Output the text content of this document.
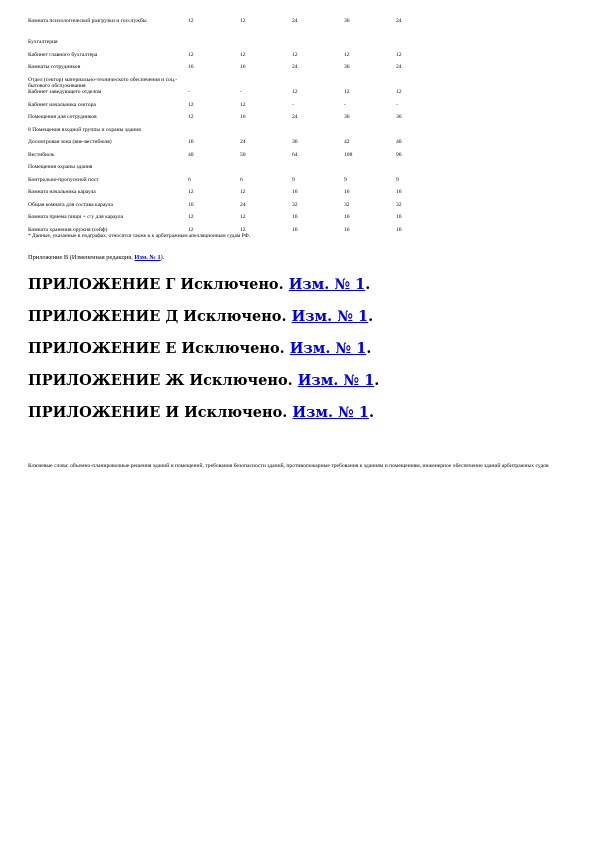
Комната психологической разгрузки и госслужбы	12	12	24	36	24
Бухгалтерия					
Кабинет главного бухгалтера	12	12	12	12	12
Комнаты сотрудников	16	16	24	36	24
Отдел (сектор) материально-технического обеспечения и соц.-бытового обслуживания					
Кабинет заведующего отделом	-	-	12	12	12
Кабинет начальника сектора	12	12	-	-	-
Помещения для сотрудников	12	16	24	36	36
8 Помещения входной группы и охраны здания					
Досмотровая зона (вне-вестибюля)	16	24	36	42	40
Вестибюль	40	50	64	108	96
Помещения охраны здания					
Контрольно-пропускной пост	6	6	9	9	9
Комната начальника караула	12	12	16	16	16
Общая комната для состава караула	16	24	32	32	32
Комната приема пищи + с/у для караула	12	12	16	16	16
Комната хранения оружия (сейф)	12	12	16	16	16
* Данные, указанные в подграфах, относятся также и к арбитражным апелляционным судам РФ.
Приложение В (Измененная редакция, Изм. № 1).
ПРИЛОЖЕНИЕ Г Исключено. Изм. № 1.
ПРИЛОЖЕНИЕ Д Исключено. Изм. № 1.
ПРИЛОЖЕНИЕ Е Исключено. Изм. № 1.
ПРИЛОЖЕНИЕ Ж Исключено. Изм. № 1.
ПРИЛОЖЕНИЕ И Исключено. Изм. № 1.
Ключевые слова: объемно-планировочные решения зданий и помещений, требования безопасности зданий, противопожарные требования к зданиям и помещениям, инженерное обеспечение зданий арбитражных судов
